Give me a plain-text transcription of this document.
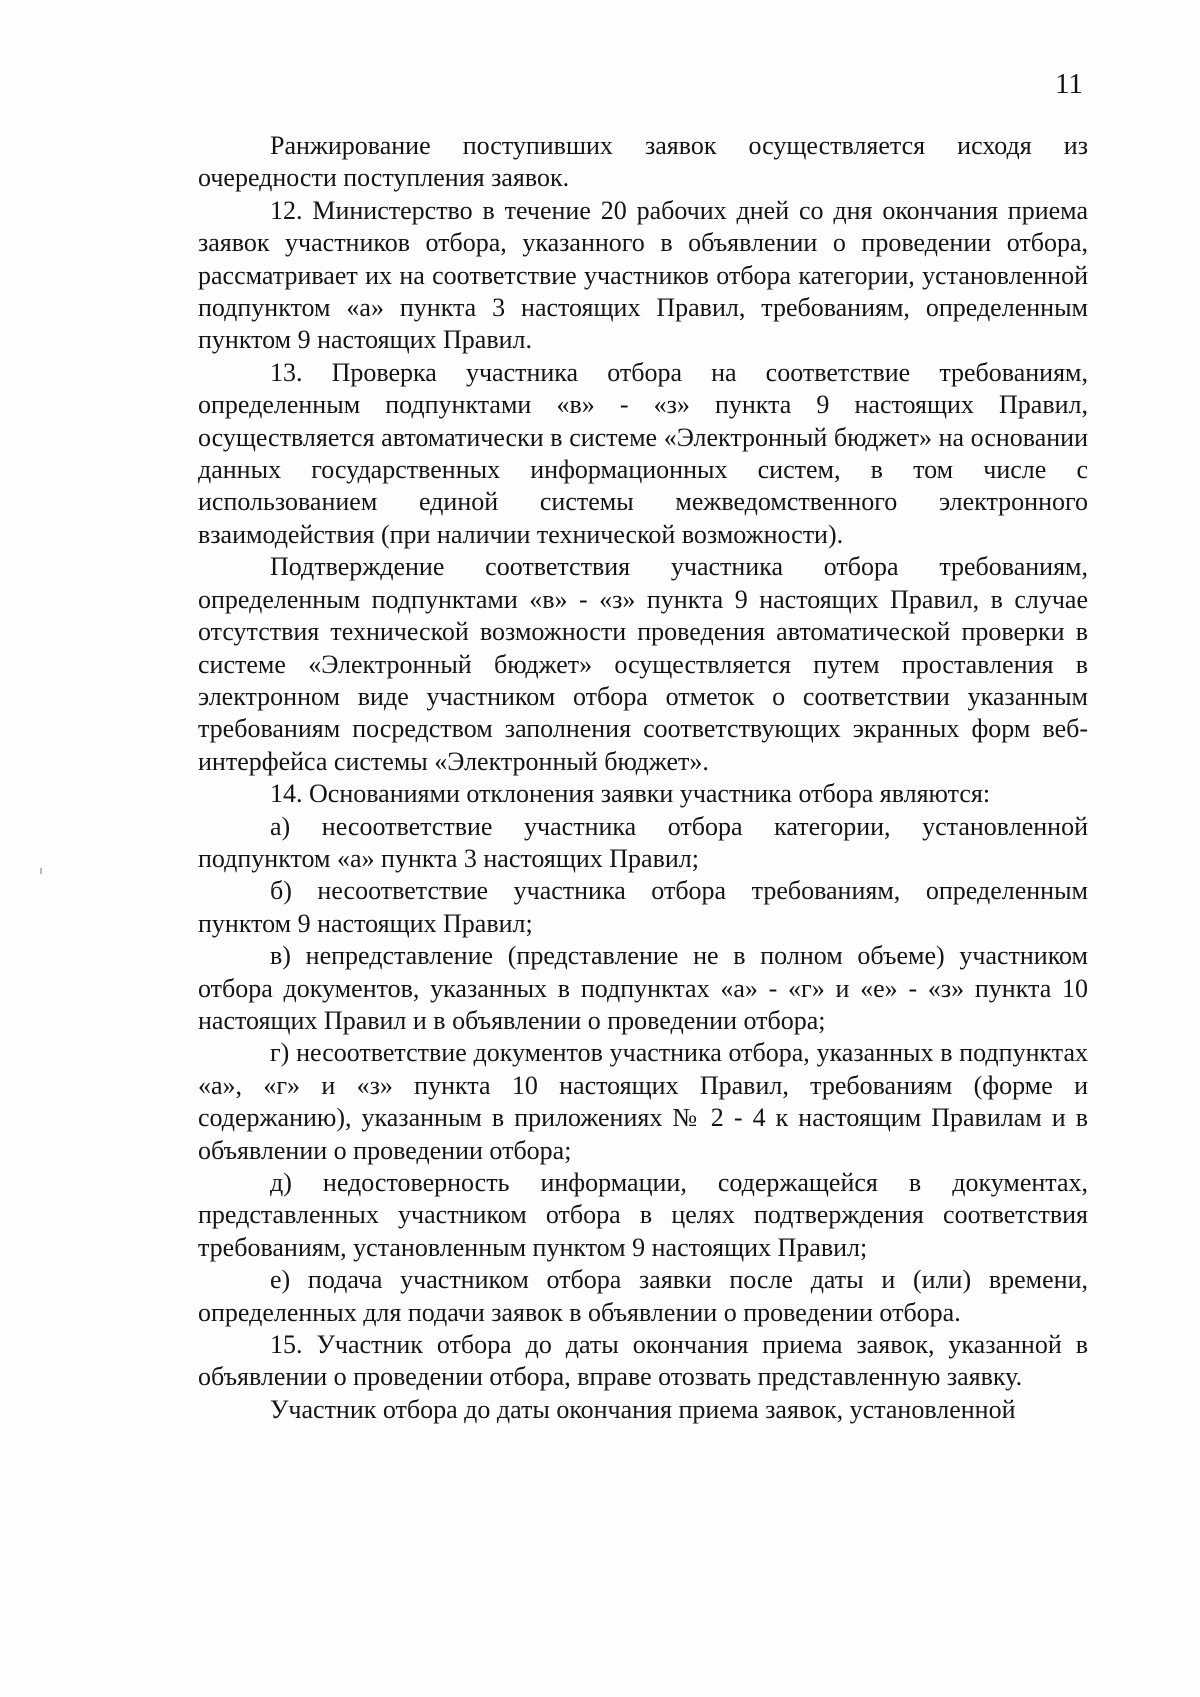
11

Ранжирование поступивших заявок осуществляется исходя из очередности поступления заявок.

12. Министерство в течение 20 рабочих дней со дня окончания приема заявок участников отбора, указанного в объявлении о проведении отбора, рассматривает их на соответствие участников отбора категории, установленной подпунктом «а» пункта 3 настоящих Правил, требованиям, определенным пунктом 9 настоящих Правил.

13. Проверка участника отбора на соответствие требованиям, определенным подпунктами «в» - «з» пункта 9 настоящих Правил, осуществляется автоматически в системе «Электронный бюджет» на основании данных государственных информационных систем, в том числе с использованием единой системы межведомственного электронного взаимодействия (при наличии технической возможности).

Подтверждение соответствия участника отбора требованиям, определенным подпунктами «в» - «з» пункта 9 настоящих Правил, в случае отсутствия технической возможности проведения автоматической проверки в системе «Электронный бюджет» осуществляется путем проставления в электронном виде участником отбора отметок о соответствии указанным требованиям посредством заполнения соответствующих экранных форм веб-интерфейса системы «Электронный бюджет».

14. Основаниями отклонения заявки участника отбора являются:

а) несоответствие участника отбора категории, установленной подпунктом «а» пункта 3 настоящих Правил;

б) несоответствие участника отбора требованиям, определенным пунктом 9 настоящих Правил;

в) непредставление (представление не в полном объеме) участником отбора документов, указанных в подпунктах «а» - «г» и «е» - «з» пункта 10 настоящих Правил и в объявлении о проведении отбора;

г) несоответствие документов участника отбора, указанных в подпунктах «а», «г» и «з» пункта 10 настоящих Правил, требованиям (форме и содержанию), указанным в приложениях № 2 - 4 к настоящим Правилам и в объявлении о проведении отбора;

д) недостоверность информации, содержащейся в документах, представленных участником отбора в целях подтверждения соответствия требованиям, установленным пунктом 9 настоящих Правил;

е) подача участником отбора заявки после даты и (или) времени, определенных для подачи заявок в объявлении о проведении отбора.

15. Участник отбора до даты окончания приема заявок, указанной в объявлении о проведении отбора, вправе отозвать представленную заявку.

Участник отбора до даты окончания приема заявок, установленной
